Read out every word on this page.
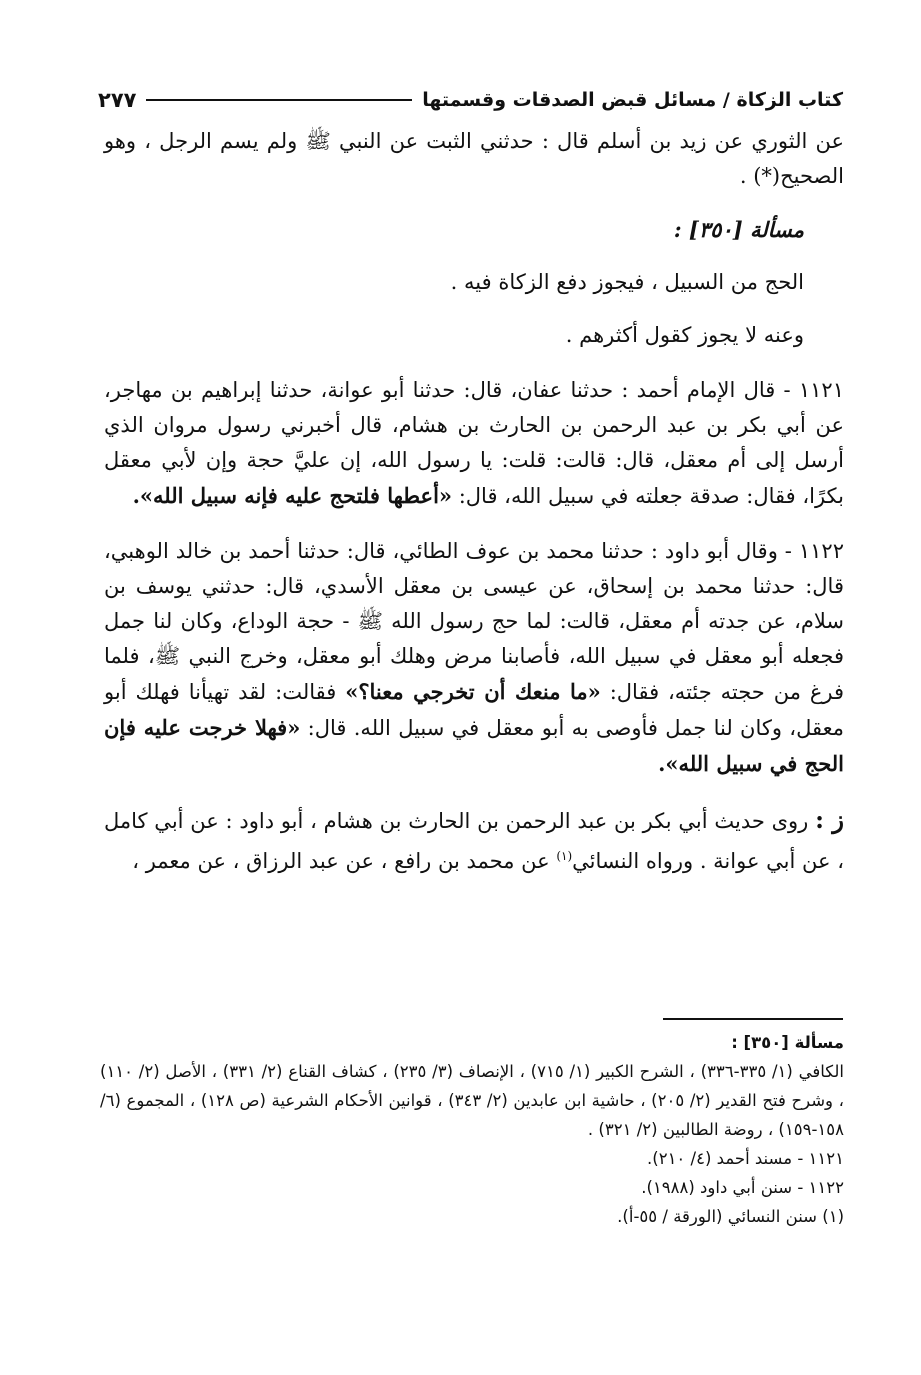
كتاب الزكاة / مسائل قبض الصدقات وقسمتها
٢٧٧

عن الثوري عن زيد بن أسلم قال : حدثني الثبت عن النبي ﷺ ولم يسم الرجل ، وهو الصحيح(*) .

مسألة [٣٥٠] :

الحج من السبيل ، فيجوز دفع الزكاة فيه .

وعنه لا يجوز كقول أكثرهم .

١١٢١ - قال الإمام أحمد : حدثنا عفان، قال: حدثنا أبو عوانة، حدثنا إبراهيم بن مهاجر، عن أبي بكر بن عبد الرحمن بن الحارث بن هشام، قال أخبرني رسول مروان الذي أرسل إلى أم معقل، قال: قالت: قلت: يا رسول الله، إن عليَّ حجة وإن لأبي معقل بكرًا، فقال: صدقة جعلته في سبيل الله، قال: «أعطها فلتحج عليه فإنه سبيل الله».

١١٢٢ - وقال أبو داود : حدثنا محمد بن عوف الطائي، قال: حدثنا أحمد بن خالد الوهبي، قال: حدثنا محمد بن إسحاق، عن عيسى بن معقل الأسدي، قال: حدثني يوسف بن سلام، عن جدته أم معقل، قالت: لما حج رسول الله ﷺ - حجة الوداع، وكان لنا جمل فجعله أبو معقل في سبيل الله، فأصابنا مرض وهلك أبو معقل، وخرج النبي ﷺ، فلما فرغ من حجته جئته، فقال: «ما منعك أن تخرجي معنا؟» فقالت: لقد تهيأنا فهلك أبو معقل، وكان لنا جمل فأوصى به أبو معقل في سبيل الله. قال: «فهلا خرجت عليه فإن الحج في سبيل الله».

ز : روى حديث أبي بكر بن عبد الرحمن بن الحارث بن هشام ، أبو داود : عن أبي كامل ، عن أبي عوانة . ورواه النسائي$^{(١)}$ عن محمد بن رافع ، عن عبد الرزاق ، عن معمر ،

مسألة [٣٥٠] :

الكافي (١/ ٣٣٥-٣٣٦) ، الشرح الكبير (١/ ٧١٥) ، الإنصاف (٣/ ٢٣٥) ، كشاف القناع (٢/ ٣٣١) ، الأصل (٢/ ١١٠) ، وشرح فتح القدير (٢/ ٢٠٥) ، حاشية ابن عابدين (٢/ ٣٤٣) ، قوانين الأحكام الشرعية (ص ١٢٨) ، المجموع (٦/ ١٥٨-١٥٩) ، روضة الطالبين (٢/ ٣٢١) .

١١٢١ - مسند أحمد (٤/ ٢١٠).

١١٢٢ - سنن أبي داود (١٩٨٨).

(١) سنن النسائي (الورقة / ٥٥-أ).
